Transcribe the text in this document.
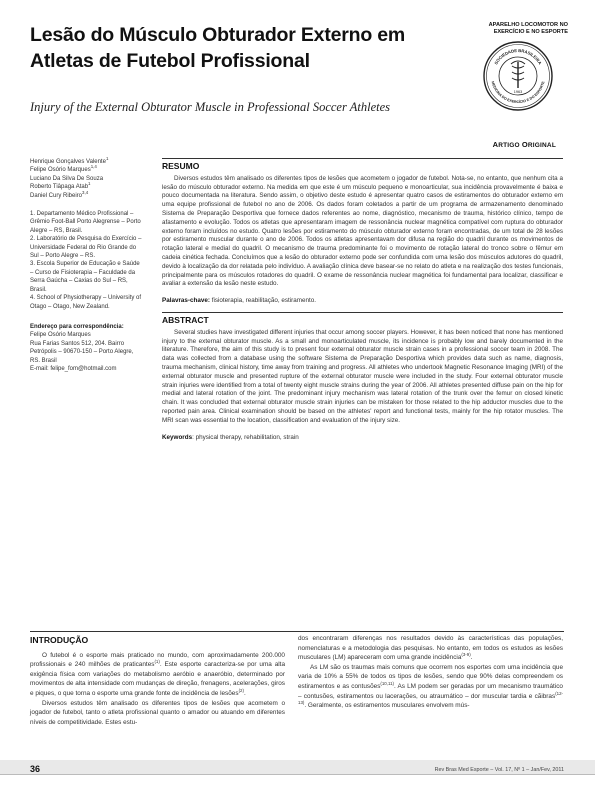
Lesão do Músculo Obturador Externo em Atletas de Futebol Profissional
Injury of the External Obturator Muscle in Professional Soccer Athletes
APARELHO LOCOMOTOR NO EXERCÍCIO E NO ESPORTE
SOCIEDADE BRASILEIRA
MEDICINA DO EXERCÍCIO E DO ESPORTE
1963
ARTIGO ORIGINAL

Henrique Gonçalves Valente$^1$

Felipe Osório Marques$^{1,4}$

Luciano Da Silva De Souza

Roberto Tiâpaga Atab$^1$

Daniel Cury Ribeiro$^{3,4}$

1. Departamento Médico Profissional – Grêmio Foot-Ball Porto Alegrense – Porto Alegre – RS, Brasil.

2. Laboratório de Pesquisa do Exercício – Universidade Federal do Rio Grande do Sul – Porto Alegre – RS.

3. Escola Superior de Educação e Saúde – Curso de Fisioterapia – Faculdade da Serra Gaúcha – Caxias do Sul – RS, Brasil.

4. School of Physiotherapy – University of Otago – Otago, New Zealand.

Endereço para correspondência:

Felipe Osório Marques

Rua Farias Santos 512, 204. Bairro Petrópolis – 90670-150 – Porto Alegre, RS. Brasil

E-mail: felipe_fom@hotmail.com

RESUMO

Diversos estudos têm analisado os diferentes tipos de lesões que acometem o jogador de futebol. Nota-se, no entanto, que nenhum cita a lesão do músculo obturador externo. Na medida em que este é um músculo pequeno e monoarticular, sua incidência provavelmente é baixa e pouco documentada na literatura. Sendo assim, o objetivo deste estudo é apresentar quatro casos de estiramentos do obturador externo em uma equipe profissional de futebol no ano de 2006. Os dados foram coletados a partir de um programa de armazenamento denominado Sistema de Preparação Desportiva que fornece dados referentes ao nome, diagnóstico, mecanismo de trauma, histórico clínico, tempo de afastamento e evolução. Todos os atletas que apresentaram imagem de ressonância nuclear magnética compatível com ruptura do obturador externo foram incluídos no estudo. Quatro lesões por estiramento do músculo obturador externo foram encontradas, de um total de 28 lesões por estiramento muscular durante o ano de 2006. Todos os atletas apresentavam dor difusa na região do quadril durante os movimentos de rotação lateral e medial do quadril. O mecanismo de trauma predominante foi o movimento de rotação lateral do tronco sobre o fêmur em cadeia cinética fechada. Concluímos que a lesão do obturador externo pode ser confundida com uma lesão dos músculos adutores do quadril, devido à localização da dor relatada pelo indivíduo. A avaliação clínica deve basear-se no relato do atleta e na realização dos testes funcionais, principalmente para os músculos rotadores do quadril. O exame de ressonância nuclear magnética foi fundamental para localizar, classificar e avaliar a extensão da lesão neste estudo.

Palavras-chave: fisioterapia, reabilitação, estiramento.

ABSTRACT

Several studies have investigated different injuries that occur among soccer players. However, it has been noticed that none has mentioned injury to the external obturator muscle. As a small and monoarticulated muscle, its incidence is probably low and barely documented in the literature. Therefore, the aim of this study is to present four external obturator muscle strain cases in a professional soccer team in 2008. The data was collected from a database using the software Sistema de Preparação Desportiva which provides data such as name, diagnosis, trauma mechanism, clinical history, time away from training and progress. All athletes who undertook Magnetic Resonance Imaging (MRI) of the external obturator muscle and presented rupture of the external obturator muscle were included in the study. Four external obturator muscle strain injuries were identified from a total of twenty eight muscle strains during the year of 2006. All athletes presented diffuse pain on the hip for medial and lateral rotation of the joint. The predominant injury mechanism was lateral rotation of the trunk over the femur on closed kinetic chain. It was concluded that external obturator muscle strain injuries can be mistaken for those related to the hip adductor muscles due to the reported pain area. Clinical examination should be based on the athletes' report and functional tests, mainly for the hip rotator muscles. The MRI scan was essential to the location, classification and evaluation of the injury size.

Keywords: physical therapy, rehabilitation, strain

INTRODUÇÃO

O futebol é o esporte mais praticado no mundo, com aproximadamente 200.000 profissionais e 240 milhões de praticantes$^{(1)}$. Este esporte caracteriza-se por uma alta exigência física com variações do metabolismo aeróbio e anaeróbio, determinado por movimentos de alta intensidade com mudanças de direção, frenagens, acelerações, giros e piques, o que torna o esporte uma grande fonte de incidência de lesões$^{(2)}$.

Diversos estudos têm analisado os diferentes tipos de lesões que acometem o jogador de futebol, tanto o atleta profissional quanto o amador ou atuando em diferentes níveis de competitividade. Estes estu-

dos encontraram diferenças nos resultados devido às características das populações, nomenclaturas e a metodologia das pesquisas. No entanto, em todos os estudos as lesões musculares (LM) apareceram com uma grande incidência$^{(3-9)}$.

As LM são os traumas mais comuns que ocorrem nos esportes com uma incidência que varia de 10% a 55% de todos os tipos de lesões, sendo que 90% delas compreendem os estiramentos e as contusões$^{(10,11)}$. As LM podem ser geradas por um mecanismo traumático – contusões, estiramentos ou lacerações, ou atraumático – dor muscular tardia e cãibras$^{(12-13)}$. Geralmente, os estiramentos musculares envolvem mús-

36	Rev Bras Med Esporte – Vol. 17, Nº 1 – Jan/Fev, 2011
